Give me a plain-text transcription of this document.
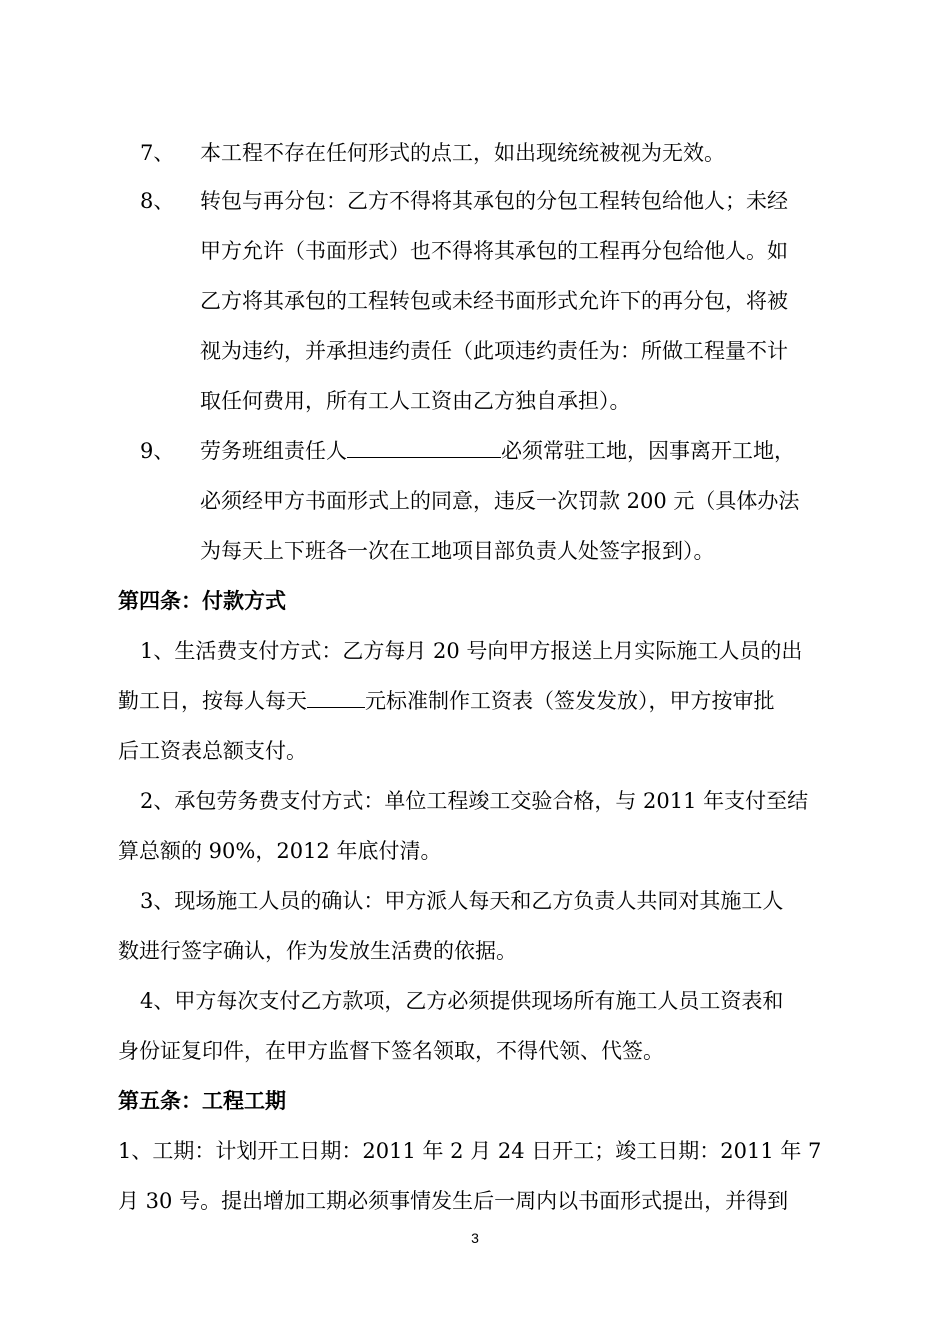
7、 本工程不存在任何形式的点工，如出现统统被视为无效。
8、 转包与再分包：乙方不得将其承包的分包工程转包给他人；未经
甲方允许（书面形式）也不得将其承包的工程再分包给他人。如
乙方将其承包的工程转包或未经书面形式允许下的再分包，将被
视为违约，并承担违约责任（此项违约责任为：所做工程量不计
取任何费用，所有工人工资由乙方独自承担）。
9、 劳务班组责任人	必须常驻工地，因事离开工地，
必须经甲方书面形式上的同意，违反一次罚款 200 元（具体办法
为每天上下班各一次在工地项目部负责人处签字报到）。
第四条：付款方式
1、生活费支付方式：乙方每月 20 号向甲方报送上月实际施工人员的出
勤工日，按每人每天	元标准制作工资表（签发发放），甲方按审批
后工资表总额支付。
2、承包劳务费支付方式：单位工程竣工交验合格，与 2011 年支付至结
算总额的 90%，2012 年底付清。
3、现场施工人员的确认：甲方派人每天和乙方负责人共同对其施工人
数进行签字确认，作为发放生活费的依据。
4、甲方每次支付乙方款项，乙方必须提供现场所有施工人员工资表和
身份证复印件，在甲方监督下签名领取，不得代领、代签。
第五条：工程工期
1、工期：计划开工日期：2011 年 2 月 24 日开工；竣工日期：2011 年 7
月 30 号。提出增加工期必须事情发生后一周内以书面形式提出，并得到
3
